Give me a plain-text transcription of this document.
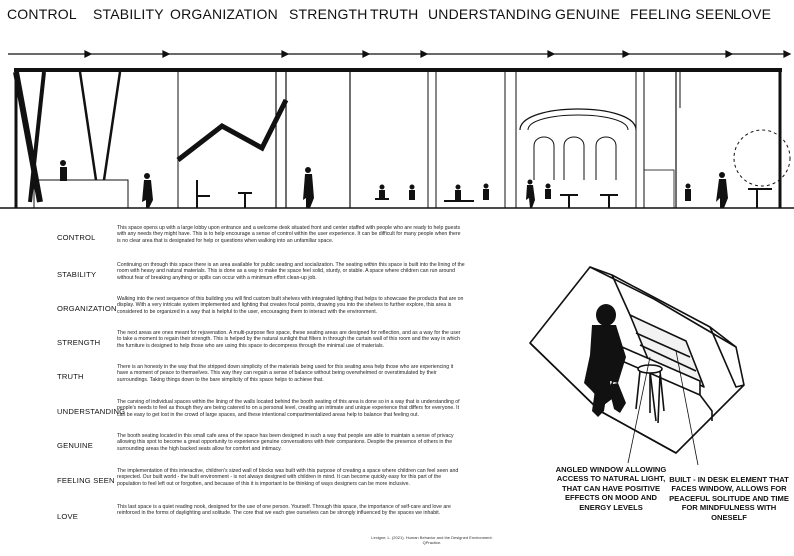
CONTROL STABILITY ORGANIZATION STRENGTH TRUTH UNDERSTANDING GENUINE FEELING SEEN
LOVE
CONTROL
This space opens up with a large lobby upon entrance and a welcome desk situated front and center staffed with people who are ready to help guests with any needs they might have. This is to help encourage a sense of control within the user experience. It can be difficult for many people when there is no clear area that is designated for help or questions when walking into an unfamiliar space.
STABILITY
Continuing on through this space there is an area available for public seating and socialization. The seating within this space is built into the lining of the room with heavy and natural materials. This is done as a way to make the space feel solid, sturdy, or stable. A space where children can run around without fear of breaking anything or spills can occur with a minimum effort clean-up job.
ORGANIZATION
Walking into the next sequence of this building you will find custom built shelves with integrated lighting that helps to showcase the products that are on display. With a very intricate system implemented and lighting that creates focal points, drawing you into the shelves to further explore, this area is considered to be organized in a way that is helpful to the user, encouraging them to interact with the environment.
STRENGTH
The next areas are ones meant for rejuvenation. A multi-purpose flex space, these seating areas are designed for reflection, and as a way for the user to take a moment to regain their strength. This is helped by the natural sunlight that filters in through the curtain wall of this room and the way in which the furniture is designed to help those who are using this space to decompress through the minimal use of materials.
TRUTH
There is an honesty in the way that the stripped down simplicity of the materials being used for this seating area help those who are experiencing it have a moment of peace to themselves. This way they can regain a sense of balance without being overwhelmed or overstimulated by their surroundings. Taking things down to the bare simplicity of this space helps to achieve that.
UNDERSTANDING
The carving of individual spaces within the lining of the walls located behind the booth seating of this area is done so in a way that is understanding of people's needs to feel as though they are being catered to on a personal level, creating an intimate and unique experience that differs for everyone. It can be easy to get lost in the crowd of large spaces, and these intentional compartmentalized areas help to balance that feeling out.
GENUINE
The booth seating located in this small cafe area of the space has been designed in such a way that people are able to maintain a sense of privacy allowing this spot to become a great opportunity to experience genuine conversations with their companions. Despite the presence of others in the surrounding areas the high backed seats allow for comfort and intimacy.
FEELING SEEN
The implementation of this interactive, children's sized wall of blocks was built with this purpose of creating a space where children can feel seen and respected. Our built world - the built environment - is not always designed with children in mind. It can become quickly easy for this part of the population to feel left out or forgotten, and because of this it is important to be thinking of ways designers can be more inclusive.
LOVE
This last space is a quiet reading nook, designed for the use of one person. Yourself. Through this space, the importance of self-care and love are reinforced in the forms of daylighting and solitude. The core that we each give ourselves can be strongly influenced by the spaces we inhabit.
Lexigne, L. (2021). Human Behavior and the Designed Environment. QPractice.
ANGLED WINDOW ALLOWING ACCESS TO NATURAL LIGHT, THAT CAN HAVE POSITIVE EFFECTS ON MOOD AND ENERGY LEVELS
BUILT - IN DESK ELEMENT THAT FACES WINDOW, ALLOWS FOR PEACEFUL SOLITUDE AND TIME FOR MINDFULNESS WITH ONESELF
